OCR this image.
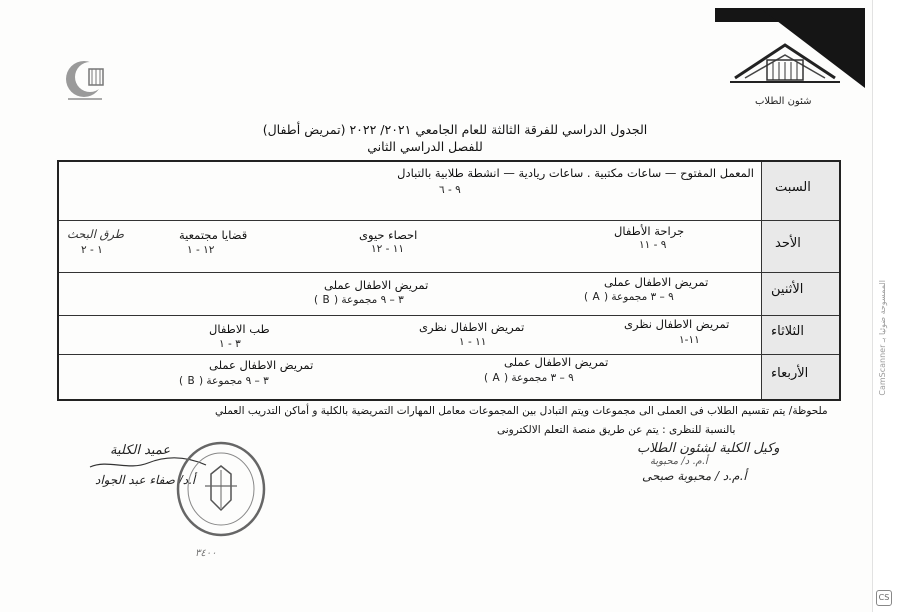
شئون الطلاب
الجدول الدراسي للفرقة الثالثة للعام الجامعي ٢٠٢١/ ٢٠٢٢ (تمريض أطفال)
للفصل الدراسي الثاني
السبت
الأحد
الأثنين
الثلاثاء
الأربعاء
المعمل المفتوح — ساعات مكتبية . ساعات ريادية — انشطة طلابية بالتبادل
٩ - ٦
جراحة الأطفال
٩ - ١١
احصاء حيوى
١١ - ١٢
قضايا مجتمعية
١٢ - ١
طرق البحث
١ - ٢
تمريض الاطفال عملى
٩ – ٣ مجموعة ( A )
تمريض الاطفال عملى
٣ – ٩ مجموعة ( B )
تمريض الاطفال نظرى
١١-١
تمريض الاطفال نظرى
١١ - ١
طب الاطفال
٣ - ١
تمريض الاطفال عملى
٩ – ٣ مجموعة ( A )
تمريض الاطفال عملى
٣ – ٩ مجموعة ( B )
ملحوظة/ يتم تقسيم الطلاب فى العملى الى مجموعات ويتم التبادل بين المجموعات معامل المهارات التمريضية بالكلية و أماكن التدريب العملي
بالنسبة للنظرى : يتم عن طريق منصة التعلم الالكترونى
وكيل الكلية لشئون الطلاب
أ.م. د/ محبوبة
أ.م.د / محبوبة صبحى
عميد الكلية
أ.د/ صفاء عبد الجواد
٣٤٠٠
الممسوحة ضوئيا بـ CamScanner
CS
